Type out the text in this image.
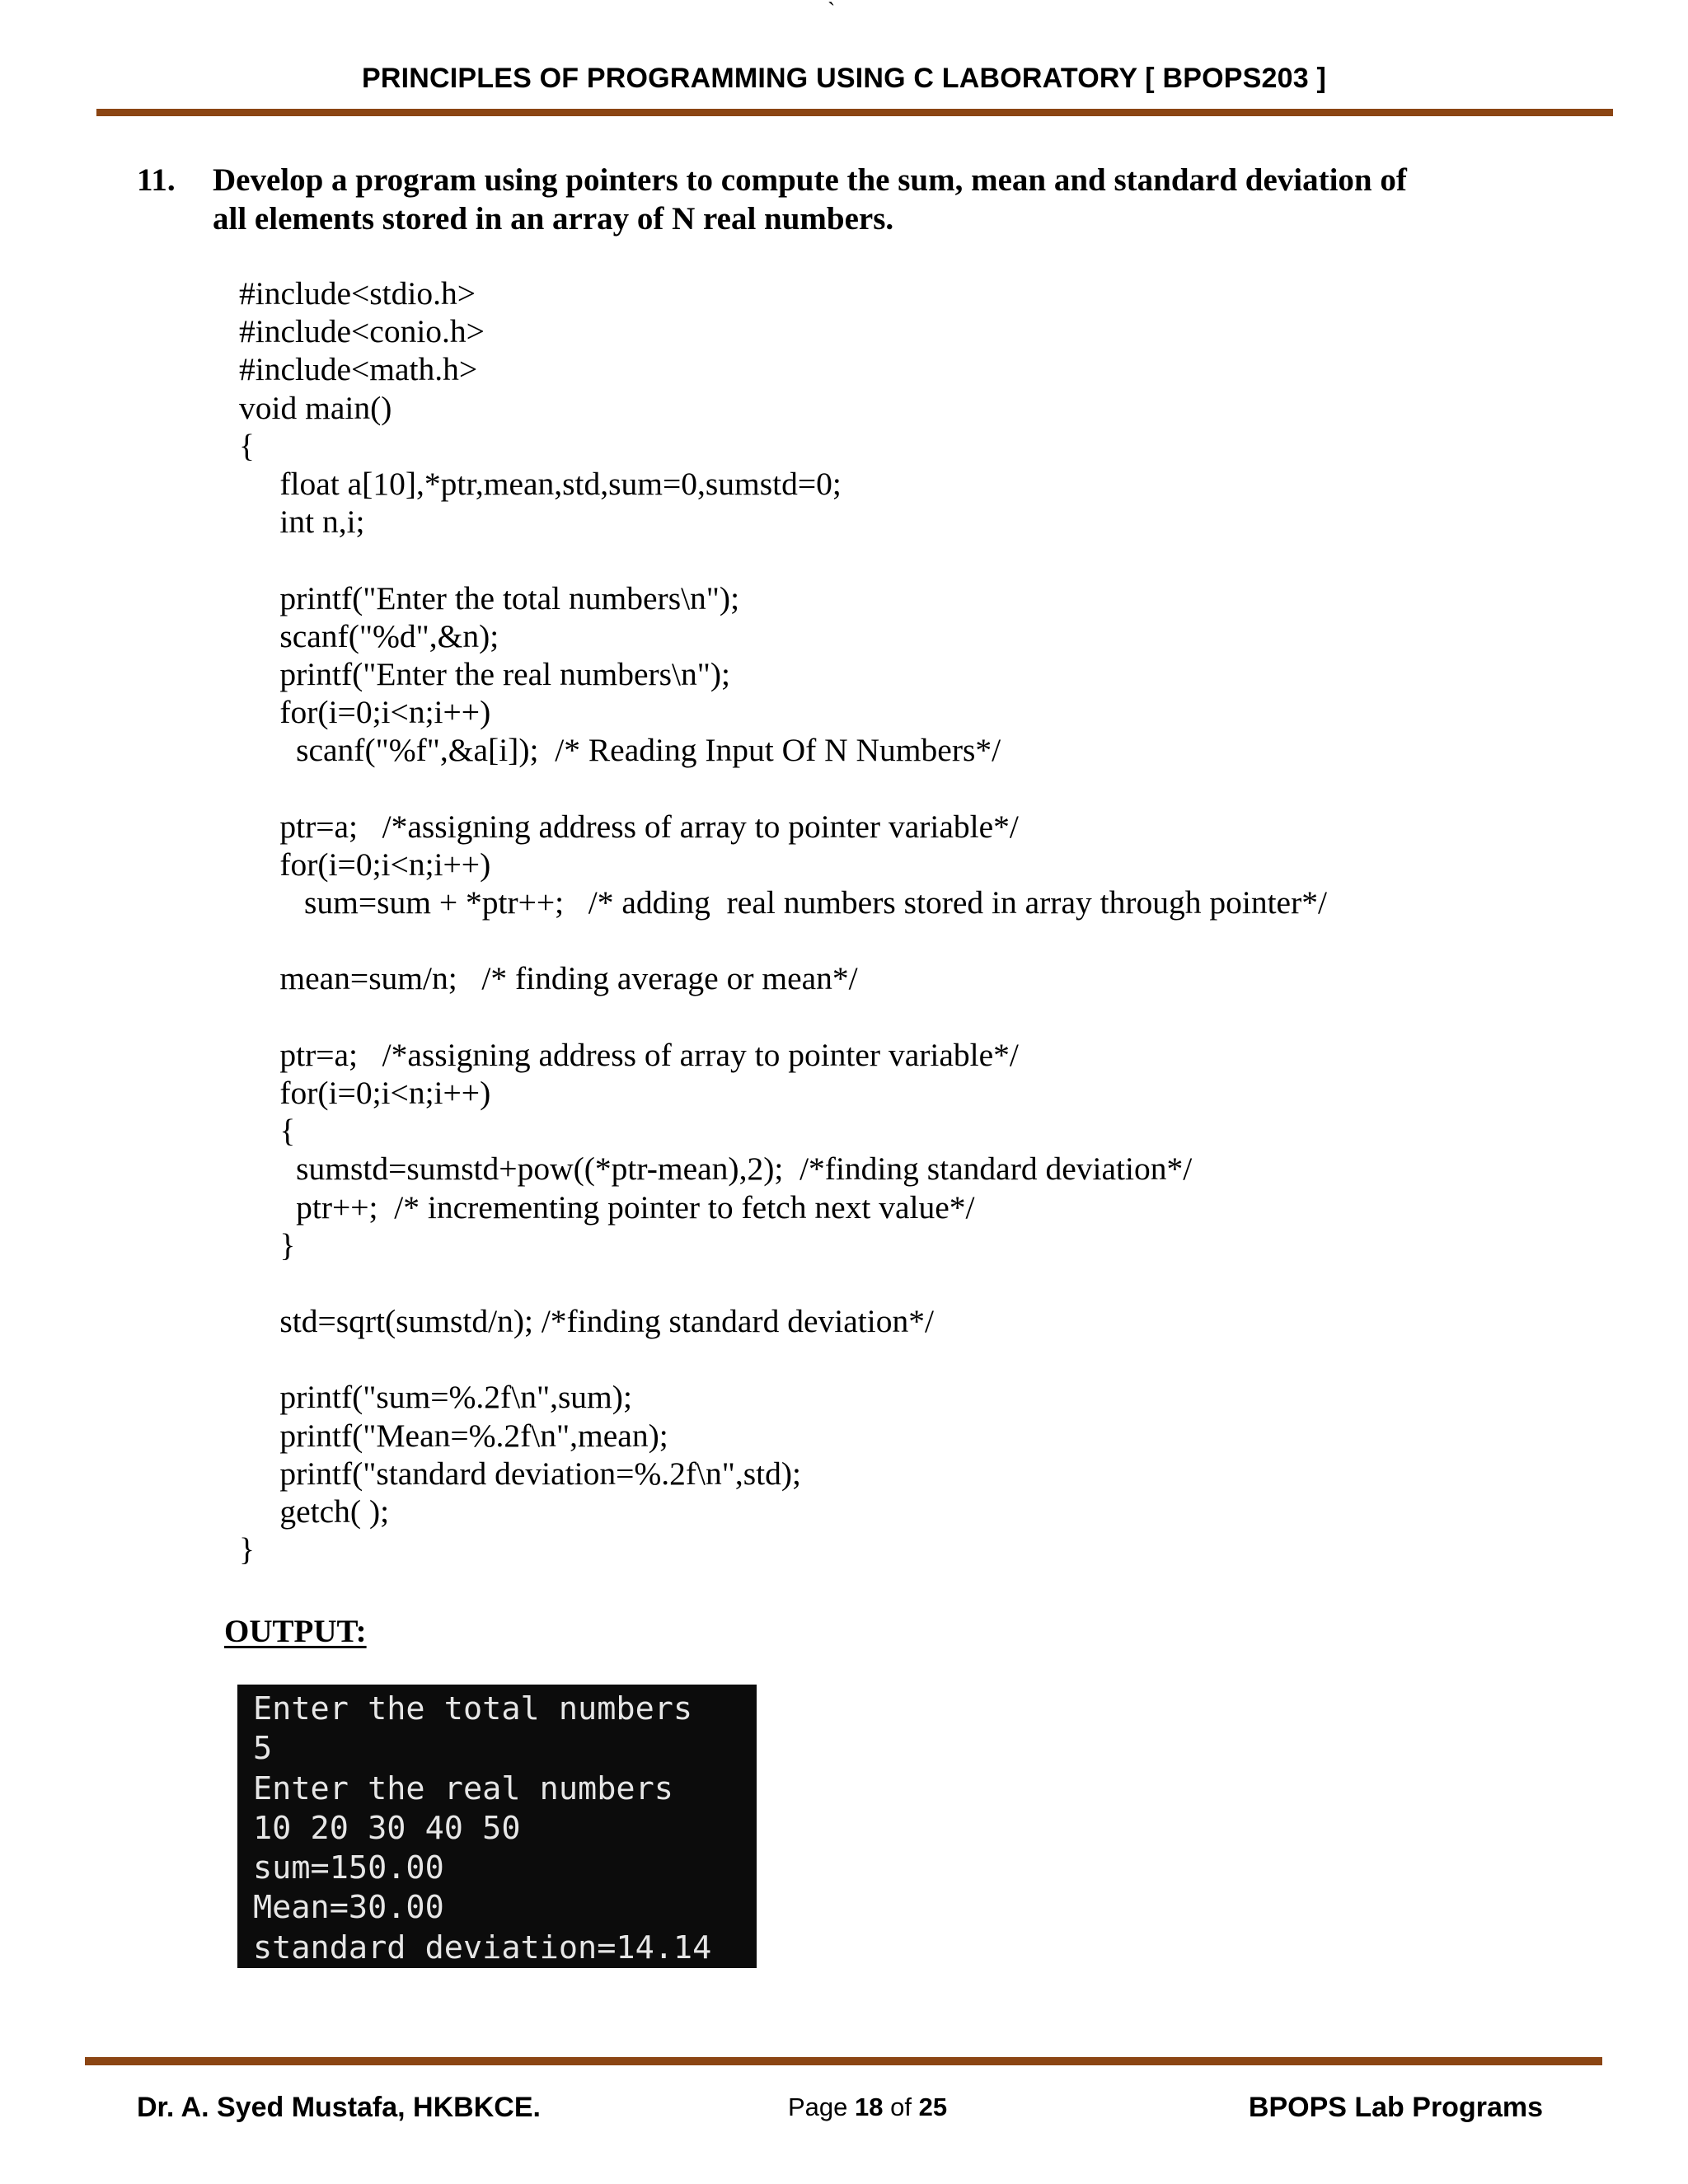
`
PRINCIPLES OF PROGRAMMING USING C LABORATORY [ BPOPS203 ]
11. Develop a program using pointers to compute the sum, mean and standard deviation of
all elements stored in an array of N real numbers.
#include<stdio.h>
#include<conio.h>
#include<math.h>
void main()
{
float a[10],*ptr,mean,std,sum=0,sumstd=0;
int n,i;
printf("Enter the total numbers\n");
scanf("%d",&n);
printf("Enter the real numbers\n");
for(i=0;i<n;i++)
scanf("%f",&a[i]);  /* Reading Input Of N Numbers*/
ptr=a;   /*assigning address of array to pointer variable*/
for(i=0;i<n;i++)
sum=sum + *ptr++;   /* adding  real numbers stored in array through pointer*/
mean=sum/n;   /* finding average or mean*/
ptr=a;   /*assigning address of array to pointer variable*/
for(i=0;i<n;i++)
{
sumstd=sumstd+pow((*ptr-mean),2);  /*finding standard deviation*/
ptr++;  /* incrementing pointer to fetch next value*/
}
std=sqrt(sumstd/n); /*finding standard deviation*/
printf("sum=%.2f\n",sum);
printf("Mean=%.2f\n",mean);
printf("standard deviation=%.2f\n",std);
getch( );
}
OUTPUT:
Enter the total numbers
5
Enter the real numbers
10 20 30 40 50
sum=150.00
Mean=30.00
standard deviation=14.14
Dr. A. Syed Mustafa, HKBKCE.	Page 18 of 25	BPOPS Lab Programs
